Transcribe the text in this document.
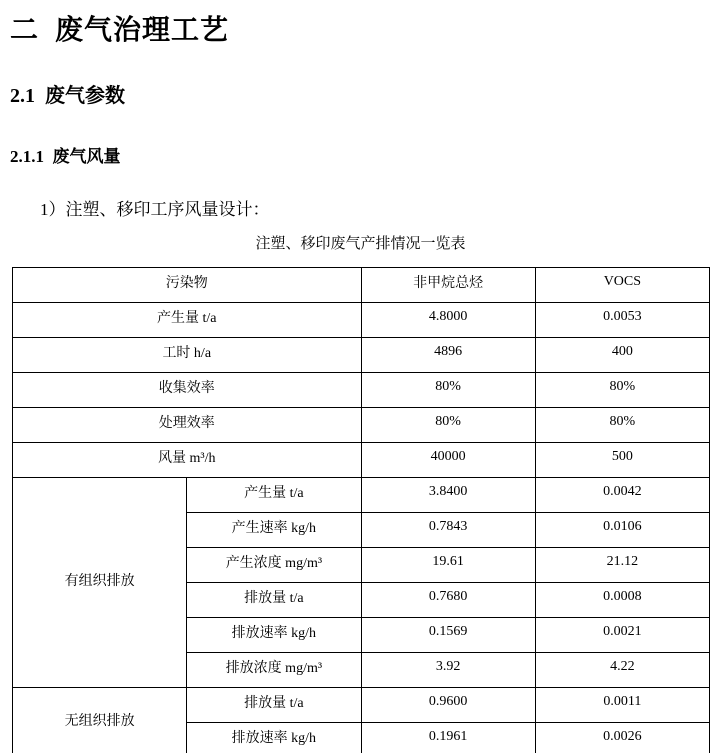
二  废气治理工艺
2.1  废气参数
2.1.1  废气风量

1）注塑、移印工序风量设计：

注塑、移印废气产排情况一览表
污染物		非甲烷总烃	VOCS
产生量 t/a		4.8000	0.0053
工时 h/a		4896	400
收集效率		80%	80%
处理效率		80%	80%
风量 m³/h		40000	500
有组织排放	产生量 t/a	3.8400	0.0042
	产生速率 kg/h	0.7843	0.0106
	产生浓度 mg/m³	19.61	21.12
	排放量 t/a	0.7680	0.0008
	排放速率 kg/h	0.1569	0.0021
	排放浓度 mg/m³	3.92	4.22
无组织排放	排放量 t/a	0.9600	0.0011
	排放速率 kg/h	0.1961	0.0026
